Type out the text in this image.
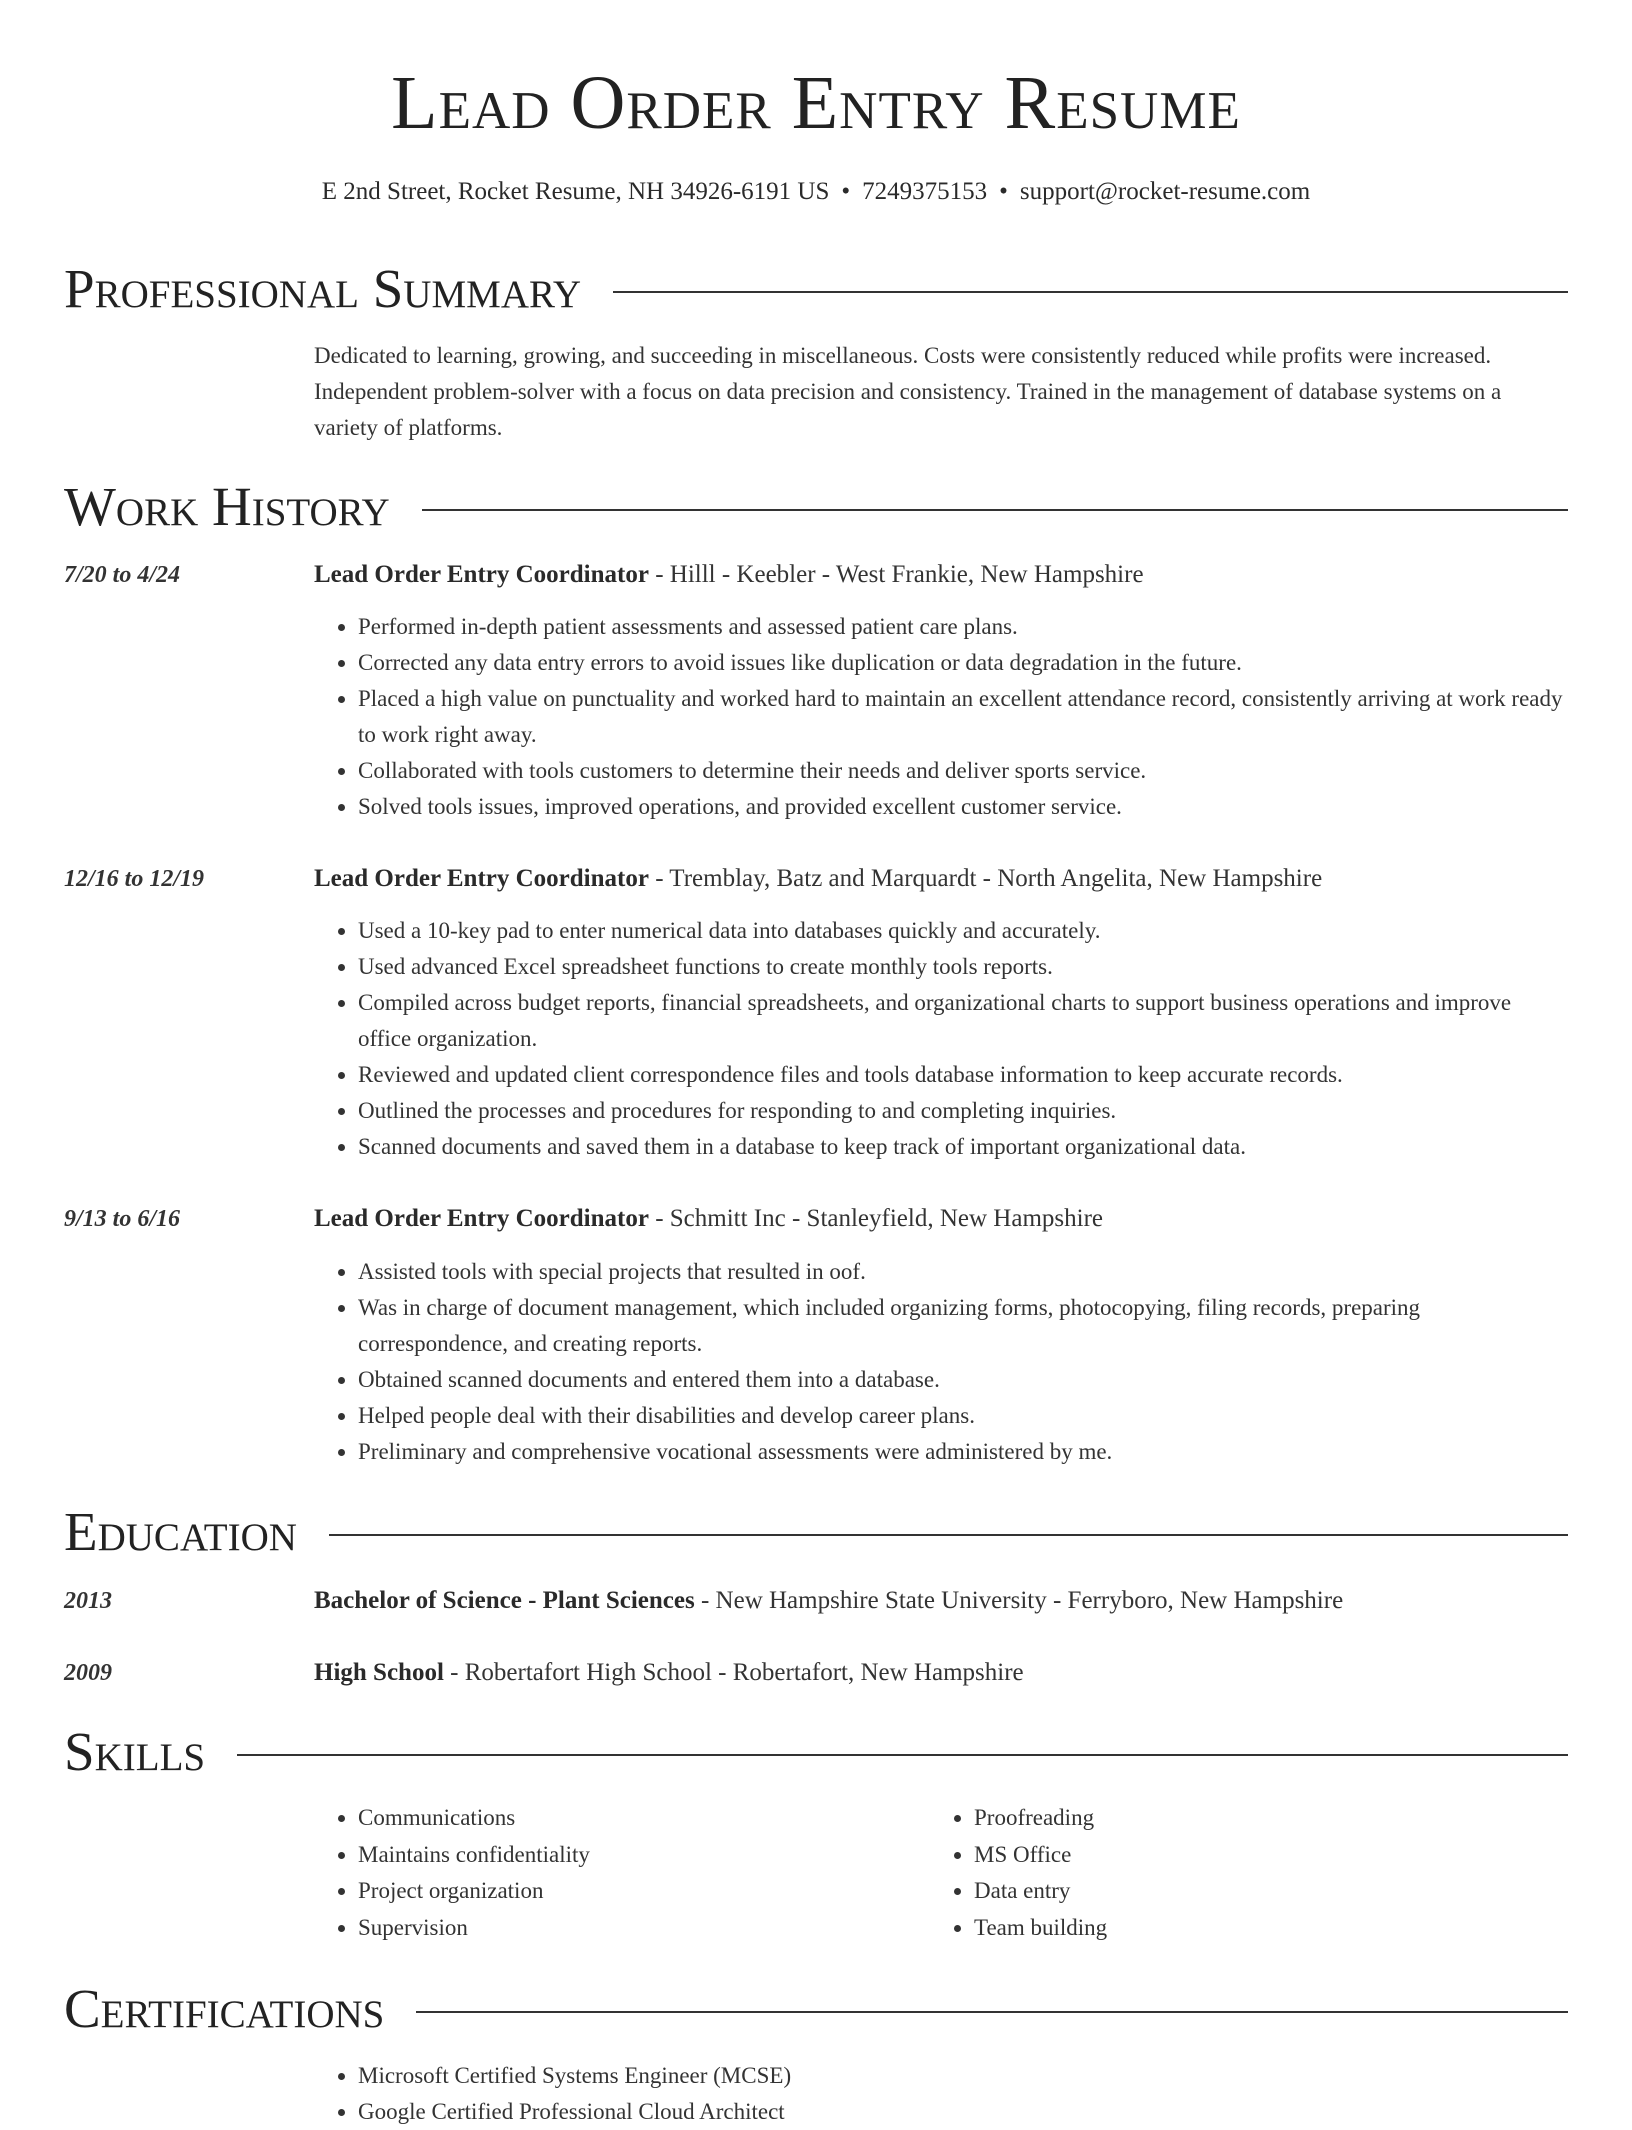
Lead Order Entry Resume
E 2nd Street, Rocket Resume, NH 34926-6191 US • 7249375153 • support@rocket-resume.com
Professional Summary
Dedicated to learning, growing, and succeeding in miscellaneous. Costs were consistently reduced while profits were increased. Independent problem-solver with a focus on data precision and consistency. Trained in the management of database systems on a variety of platforms.
Work History
7/20 to 4/24	Lead Order Entry Coordinator - Hilll - Keebler - West Frankie, New Hampshire
• Performed in-depth patient assessments and assessed patient care plans.
• Corrected any data entry errors to avoid issues like duplication or data degradation in the future.
• Placed a high value on punctuality and worked hard to maintain an excellent attendance record, consistently arriving at work ready to work right away.
• Collaborated with tools customers to determine their needs and deliver sports service.
• Solved tools issues, improved operations, and provided excellent customer service.
12/16 to 12/19	Lead Order Entry Coordinator - Tremblay, Batz and Marquardt - North Angelita, New Hampshire
• Used a 10-key pad to enter numerical data into databases quickly and accurately.
• Used advanced Excel spreadsheet functions to create monthly tools reports.
• Compiled across budget reports, financial spreadsheets, and organizational charts to support business operations and improve office organization.
• Reviewed and updated client correspondence files and tools database information to keep accurate records.
• Outlined the processes and procedures for responding to and completing inquiries.
• Scanned documents and saved them in a database to keep track of important organizational data.
9/13 to 6/16	Lead Order Entry Coordinator - Schmitt Inc - Stanleyfield, New Hampshire
• Assisted tools with special projects that resulted in oof.
• Was in charge of document management, which included organizing forms, photocopying, filing records, preparing correspondence, and creating reports.
• Obtained scanned documents and entered them into a database.
• Helped people deal with their disabilities and develop career plans.
• Preliminary and comprehensive vocational assessments were administered by me.
Education
2013	Bachelor of Science - Plant Sciences - New Hampshire State University - Ferryboro, New Hampshire
2009	High School - Robertafort High School - Robertafort, New Hampshire
Skills
• Communications
• Maintains confidentiality
• Project organization
• Supervision
• Proofreading
• MS Office
• Data entry
• Team building
Certifications
• Microsoft Certified Systems Engineer (MCSE)
• Google Certified Professional Cloud Architect
